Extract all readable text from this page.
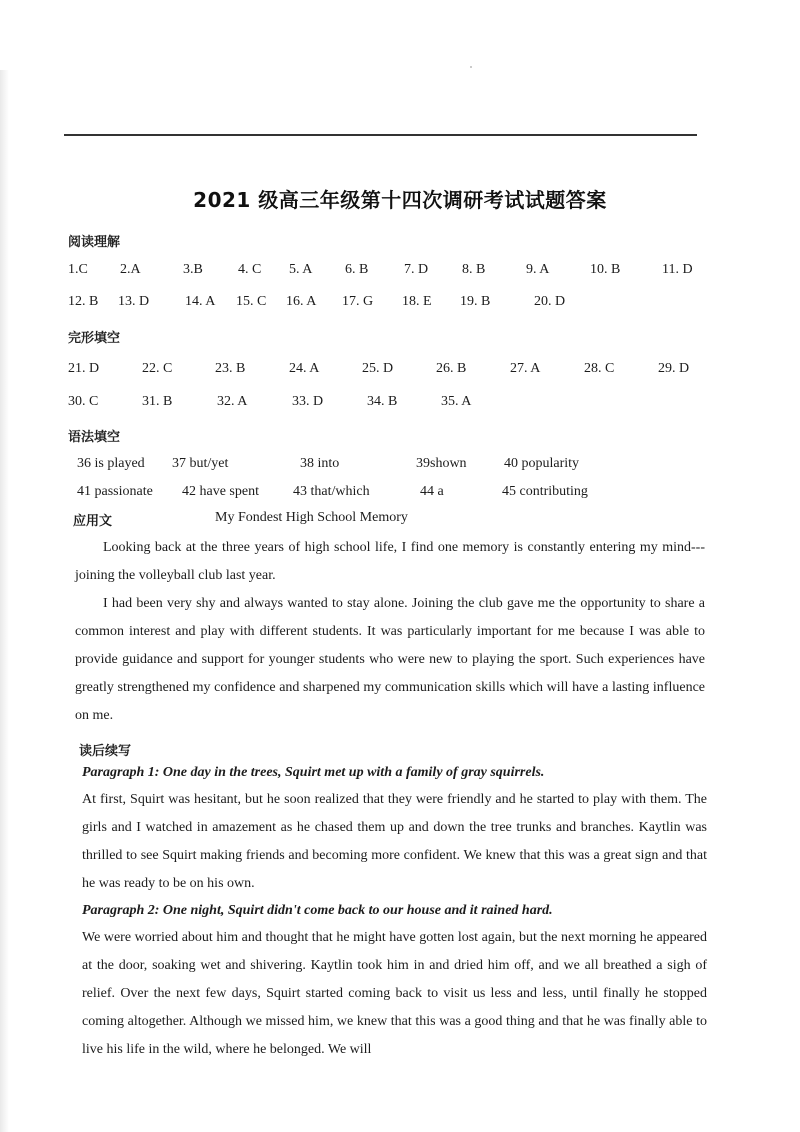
2021 级高三年级第十四次调研考试试题答案
阅读理解
1.C 2.A	3.B	4. C 5. A 6. B	7. D 8. B	9. A	10. B	11. D
12. B 13. D	14. A 15. C 16. A 17. G 18. E 19. B	20. D
完形填空
21. D	22. C	23. B	24. A	25. D	26. B	27. A	28. C	29. D
30. C	31. B	32. A	33. D	34. B	35. A
语法填空
36 is played 37 but/yet	38 into	39shown	40 popularity
41 passionate 42 have spent 43 that/which	44 a	45 contributing
应用文	My Fondest High School Memory

Looking back at the three years of high school life, I find one memory is constantly entering my mind---joining the volleyball club last year.

I had been very shy and always wanted to stay alone. Joining the club gave me the opportunity to share a common interest and play with different students. It was particularly important for me because I was able to provide guidance and support for younger students who were new to playing the sport. Such experiences have greatly strengthened my confidence and sharpened my communication skills which will have a lasting influence on me.

读后续写
Paragraph 1: One day in the trees, Squirt met up with a family of gray squirrels.

At first, Squirt was hesitant, but he soon realized that they were friendly and he started to play with them. The girls and I watched in amazement as he chased them up and down the tree trunks and branches. Kaytlin was thrilled to see Squirt making friends and becoming more confident. We knew that this was a great sign and that he was ready to be on his own.

Paragraph 2: One night, Squirt didn't come back to our house and it rained hard.

We were worried about him and thought that he might have gotten lost again, but the next morning he appeared at the door, soaking wet and shivering. Kaytlin took him in and dried him off, and we all breathed a sigh of relief. Over the next few days, Squirt started coming back to visit us less and less, until finally he stopped coming altogether. Although we missed him, we knew that this was a good thing and that he was finally able to live his life in the wild, where he belonged. We will
